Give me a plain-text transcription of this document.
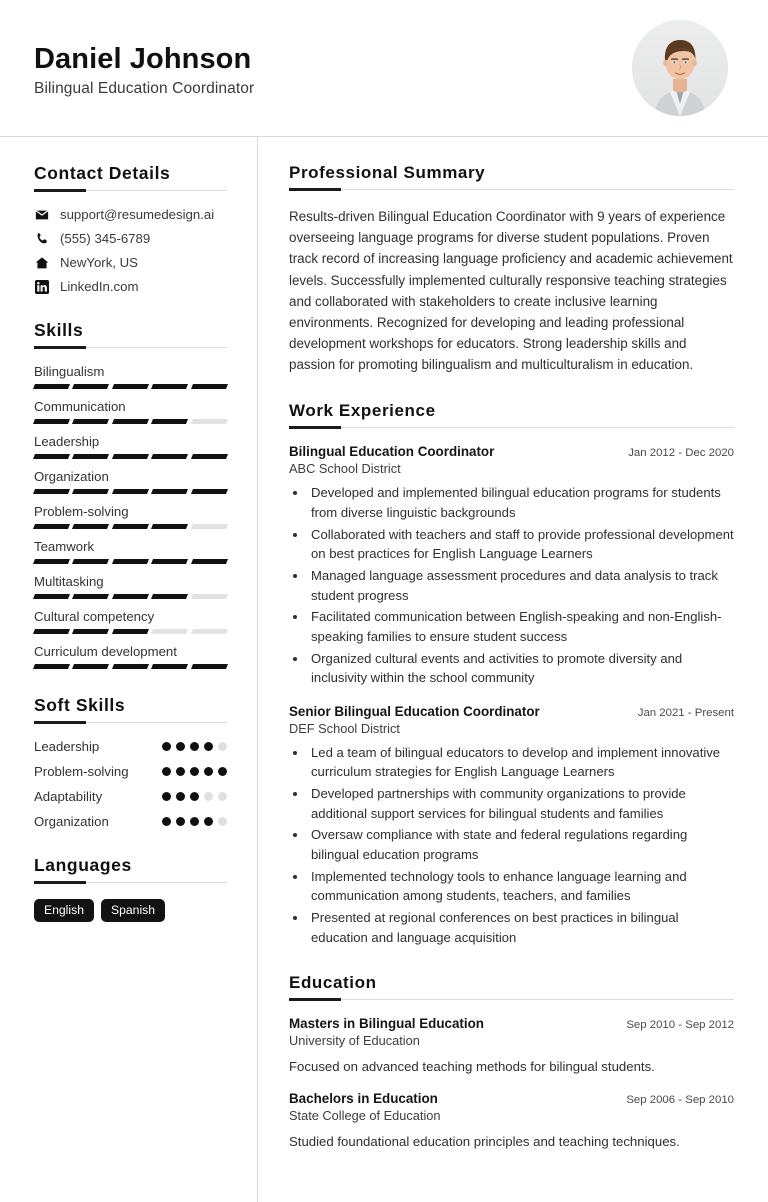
Daniel Johnson
Bilingual Education Coordinator
Contact Details
support@resumedesign.ai
(555) 345-6789
NewYork, US
LinkedIn.com
Skills
Bilingualism
Communication
Leadership
Organization
Problem-solving
Teamwork
Multitasking
Cultural competency
Curriculum development
Soft Skills
Leadership
Problem-solving
Adaptability
Organization
Languages
English	Spanish
Professional Summary

Results-driven Bilingual Education Coordinator with 9 years of experience overseeing language programs for diverse student populations. Proven track record of increasing language proficiency and academic achievement levels. Successfully implemented culturally responsive teaching strategies and collaborated with stakeholders to create inclusive learning environments. Recognized for developing and leading professional development workshops for educators. Strong leadership skills and passion for promoting bilingualism and multiculturalism in education.

Work Experience
Bilingual Education Coordinator	Jan 2012 - Dec 2020
ABC School District
• Developed and implemented bilingual education programs for students from diverse linguistic backgrounds
• Collaborated with teachers and staff to provide professional development on best practices for English Language Learners
• Managed language assessment procedures and data analysis to track student progress
• Facilitated communication between English-speaking and non-English-speaking families to ensure student success
• Organized cultural events and activities to promote diversity and inclusivity within the school community
Senior Bilingual Education Coordinator	Jan 2021 - Present
DEF School District
• Led a team of bilingual educators to develop and implement innovative curriculum strategies for English Language Learners
• Developed partnerships with community organizations to provide additional support services for bilingual students and families
• Oversaw compliance with state and federal regulations regarding bilingual education programs
• Implemented technology tools to enhance language learning and communication among students, teachers, and families
• Presented at regional conferences on best practices in bilingual education and language acquisition
Education
Masters in Bilingual Education	Sep 2010 - Sep 2012
University of Education
Focused on advanced teaching methods for bilingual students.
Bachelors in Education	Sep 2006 - Sep 2010
State College of Education
Studied foundational education principles and teaching techniques.
